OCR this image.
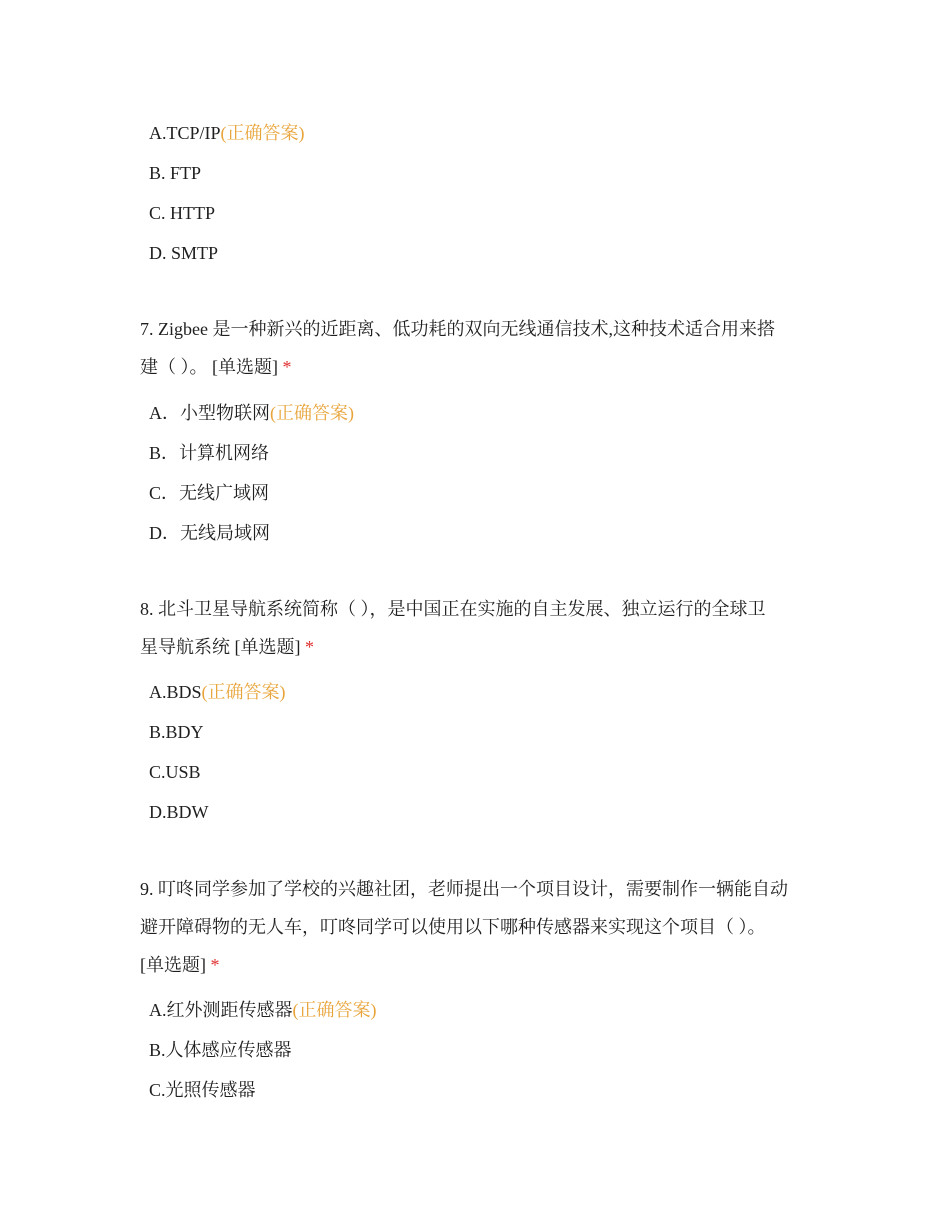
A.TCP/IP(正确答案)
B. FTP
C. HTTP
D. SMTP
7. Zigbee 是一种新兴的近距离、低功耗的双向无线通信技术,这种技术适合用来搭
建（ ）。 [单选题] *
A．小型物联网(正确答案)
B．计算机网络
C．无线广域网
D．无线局域网
8. 北斗卫星导航系统简称（ ），是中国正在实施的自主发展、独立运行的全球卫
星导航系统 [单选题] *
A.BDS(正确答案)
B.BDY
C.USB
D.BDW
9. 叮咚同学参加了学校的兴趣社团，老师提出一个项目设计，需要制作一辆能自动
避开障碍物的无人车，叮咚同学可以使用以下哪种传感器来实现这个项目（ ）。
[单选题] *
A.红外测距传感器(正确答案)
B.人体感应传感器
C.光照传感器
